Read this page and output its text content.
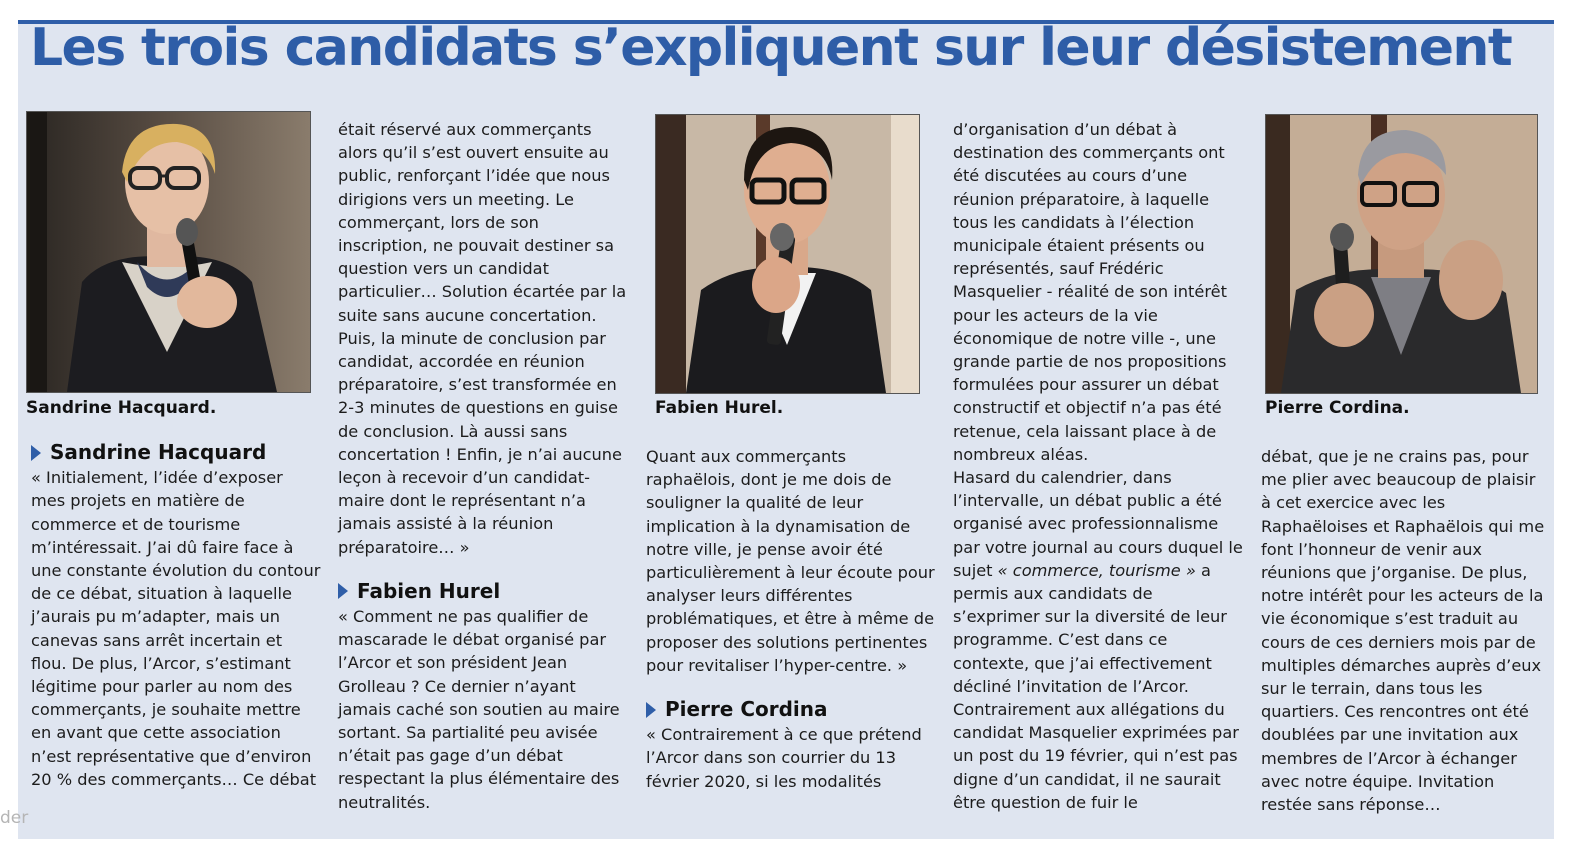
Les trois candidats s’expliquent sur leur désistement
Sandrine Hacquard.
Sandrine Hacquard

« Initialement, l’idée d’exposer mes projets en matière de commerce et de tourisme m’intéressait. J’ai dû faire face à une constante évolution du contour de ce débat, situation à laquelle j’aurais pu m’adapter, mais un canevas sans arrêt incertain et flou. De plus, l’Arcor, s’estimant légitime pour parler au nom des commerçants, je souhaite mettre en avant que cette association n’est représentative que d’environ 20 % des commerçants… Ce débat

était réservé aux commerçants alors qu’il s’est ouvert ensuite au public, renforçant l’idée que nous dirigions vers un meeting. Le commerçant, lors de son inscription, ne pouvait destiner sa question vers un candidat particulier… Solution écartée par la suite sans aucune concertation. Puis, la minute de conclusion par candidat, accordée en réunion préparatoire, s’est transformée en 2-3 minutes de questions en guise de conclusion. Là aussi sans concertation ! Enfin, je n’ai aucune leçon à recevoir d’un candidat-maire dont le représentant n’a jamais assisté à la réunion préparatoire… »

Fabien Hurel

« Comment ne pas qualifier de mascarade le débat organisé par l’Arcor et son président Jean Grolleau ? Ce dernier n’ayant jamais caché son soutien au maire sortant. Sa partialité peu avisée n’était pas gage d’un débat respectant la plus élémentaire des neutralités.

Fabien Hurel.

Quant aux commerçants raphaëlois, dont je me dois de souligner la qualité de leur implication à la dynamisation de notre ville, je pense avoir été particulièrement à leur écoute pour analyser leurs différentes problématiques, et être à même de proposer des solutions pertinentes pour revitaliser l’hyper-centre. »

Pierre Cordina

« Contrairement à ce que prétend l’Arcor dans son courrier du 13 février 2020, si les modalités

d’organisation d’un débat à destination des commerçants ont été discutées au cours d’une réunion préparatoire, à laquelle tous les candidats à l’élection municipale étaient présents ou représentés, sauf Frédéric Masquelier - réalité de son intérêt pour les acteurs de la vie économique de notre ville -, une grande partie de nos propositions formulées pour assurer un débat constructif et objectif n’a pas été retenue, cela laissant place à de nombreux aléas.

Hasard du calendrier, dans l’intervalle, un débat public a été organisé avec professionnalisme par votre journal au cours duquel le sujet « commerce, tourisme » a permis aux candidats de s’exprimer sur la diversité de leur programme. C’est dans ce contexte, que j’ai effectivement décliné l’invitation de l’Arcor. Contrairement aux allégations du candidat Masquelier exprimées par un post du 19 février, qui n’est pas digne d’un candidat, il ne saurait être question de fuir le

Pierre Cordina.

débat, que je ne crains pas, pour me plier avec beaucoup de plaisir à cet exercice avec les Raphaëloises et Raphaëlois qui me font l’honneur de venir aux réunions que j’organise. De plus, notre intérêt pour les acteurs de la vie économique s’est traduit au cours de ces derniers mois par de multiples démarches auprès d’eux sur le terrain, dans tous les quartiers. Ces rencontres ont été doublées par une invitation aux membres de l’Arcor à échanger avec notre équipe. Invitation restée sans réponse…

der
